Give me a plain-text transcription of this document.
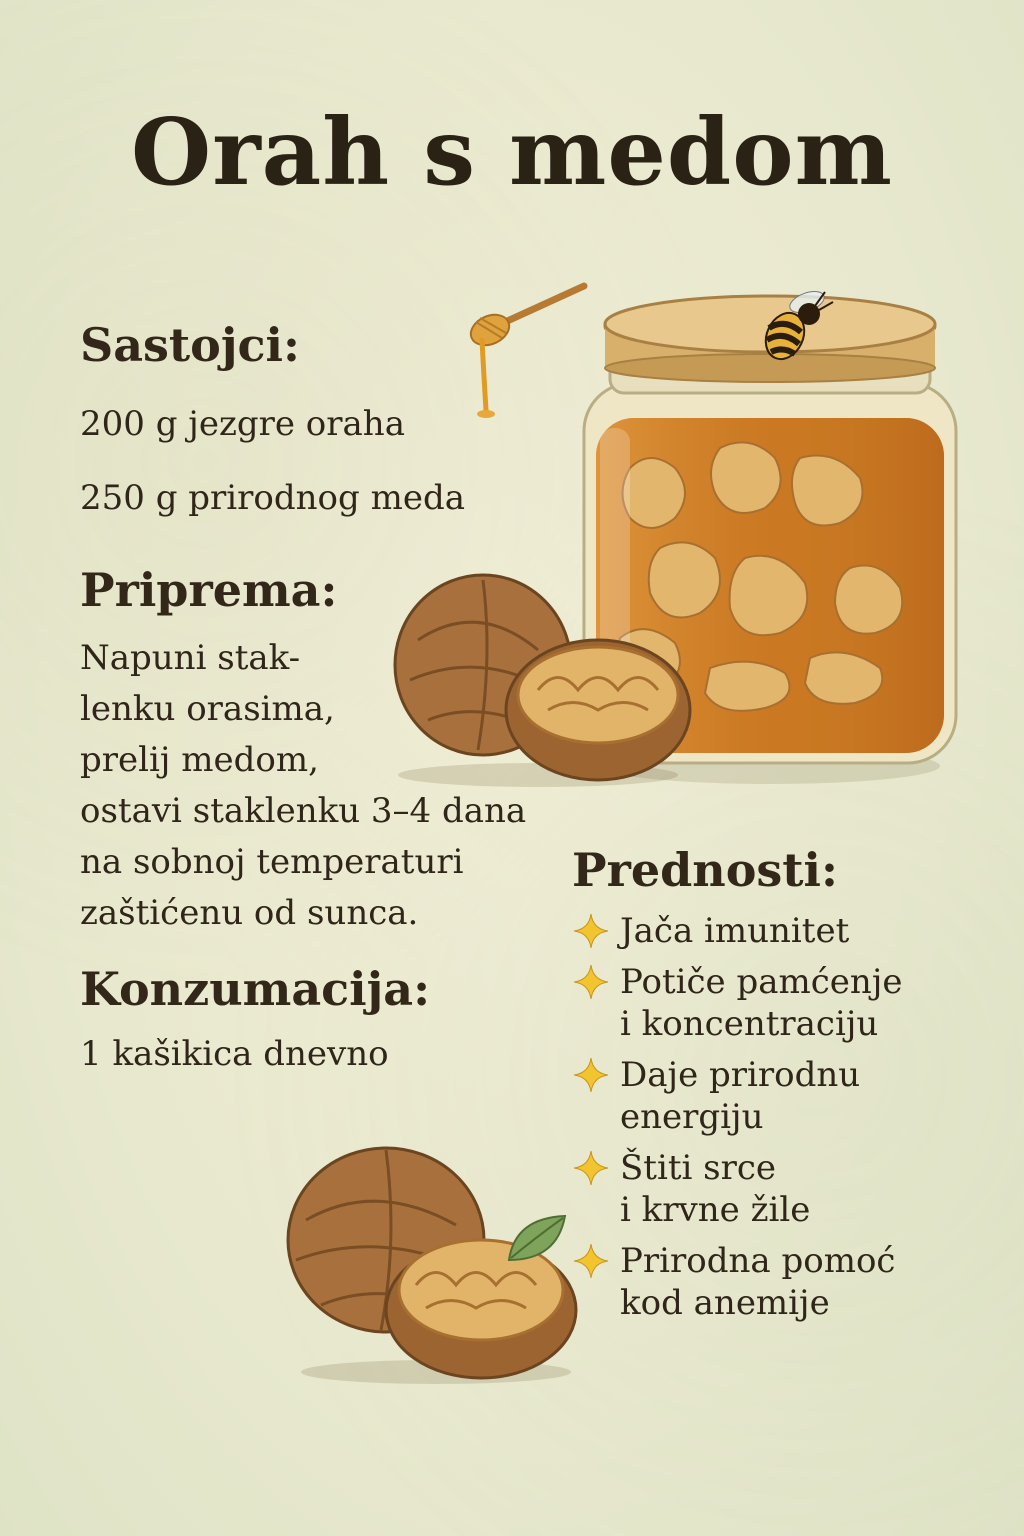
Orah s medom
Sastojci:

200 g jezgre oraha

250 g prirodnog meda

Priprema:
Napuni stak-
lenku orasima,
prelij medom,
ostavi staklenku 3–4 dana
na sobnoj temperaturi
zaštićenu od sunca.
Konzumacija:

1 kašikica dnevno

Prednosti:
Jača imunitet
Potiče pamćenje
i koncentraciju
Daje prirodnu
energiju
Štiti srce
i krvne žile
Prirodna pomoć
kod anemije
